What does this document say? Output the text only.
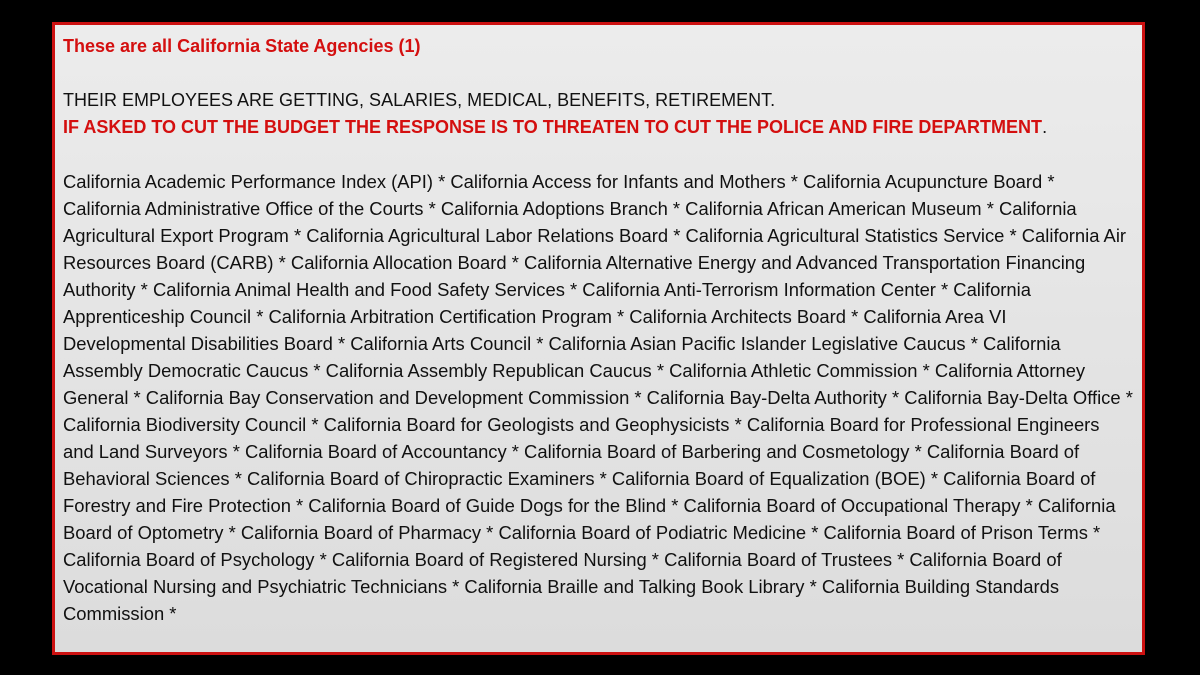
These are all California State Agencies (1)

THEIR EMPLOYEES ARE GETTING, SALARIES, MEDICAL, BENEFITS, RETIREMENT.

IF ASKED TO CUT THE BUDGET THE RESPONSE IS TO THREATEN TO CUT THE POLICE AND FIRE DEPARTMENT.

California Academic Performance Index (API) * California Access for Infants and Mothers * California Acupuncture Board * California Administrative Office of the Courts * California Adoptions Branch * California African American Museum * California Agricultural Export Program * California Agricultural Labor Relations Board * California Agricultural Statistics Service * California Air Resources Board (CARB) * California Allocation Board * California Alternative Energy and Advanced Transportation Financing Authority * California Animal Health and Food Safety Services * California Anti-Terrorism Information Center * California Apprenticeship Council * California Arbitration Certification Program * California Architects Board * California Area VI Developmental Disabilities Board * California Arts Council * California Asian Pacific Islander Legislative Caucus * California Assembly Democratic Caucus * California Assembly Republican Caucus * California Athletic Commission * California Attorney General * California Bay Conservation and Development Commission * California Bay-Delta Authority * California Bay-Delta Office * California Biodiversity Council * California Board for Geologists and Geophysicists * California Board for Professional Engineers and Land Surveyors * California Board of Accountancy * California Board of Barbering and Cosmetology * California Board of Behavioral Sciences * California Board of Chiropractic Examiners * California Board of Equalization (BOE) * California Board of Forestry and Fire Protection * California Board of Guide Dogs for the Blind * California Board of Occupational Therapy * California Board of Optometry * California Board of Pharmacy * California Board of Podiatric Medicine * California Board of Prison Terms * California Board of Psychology * California Board of Registered Nursing * California Board of Trustees * California Board of Vocational Nursing and Psychiatric Technicians * California Braille and Talking Book Library * California Building Standards Commission *
